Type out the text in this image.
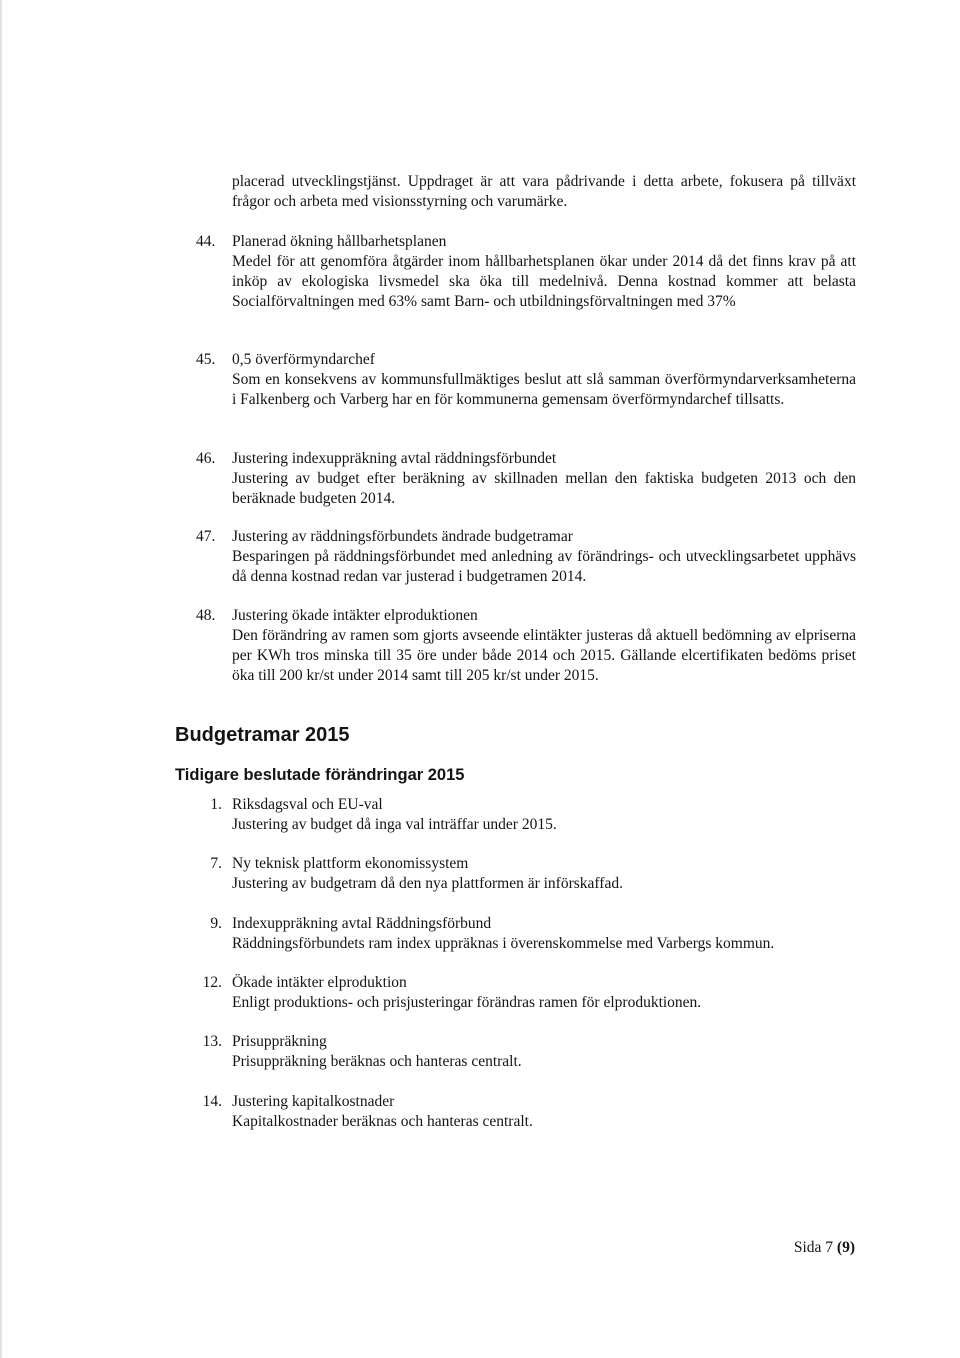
placerad utvecklingstjänst. Uppdraget är att vara pådrivande i detta arbete, fokusera på tillväxt frågor och arbeta med visionsstyrning och varumärke.

44.	Planerad ökning hållbarhetsplanen
Medel för att genomföra åtgärder inom hållbarhetsplanen ökar under 2014 då det finns krav på att inköp av ekologiska livsmedel ska öka till medelnivå. Denna kostnad kommer att belasta Socialförvaltningen med 63% samt Barn- och utbildningsförvaltningen med 37%
45.	0,5 överförmyndarchef
Som en konsekvens av kommunsfullmäktiges beslut att slå samman överförmyndarverksamheterna i Falkenberg och Varberg har en för kommunerna gemensam överförmyndarchef tillsatts.
46.	Justering indexuppräkning avtal räddningsförbundet
Justering av budget efter beräkning av skillnaden mellan den faktiska budgeten 2013 och den beräknade budgeten 2014.
47.	Justering av räddningsförbundets ändrade budgetramar
Besparingen på räddningsförbundet med anledning av förändrings- och utvecklingsarbetet upphävs då denna kostnad redan var justerad i budgetramen 2014.
48.	Justering ökade intäkter elproduktionen
Den förändring av ramen som gjorts avseende elintäkter justeras då aktuell bedömning av elpriserna per KWh tros minska till 35 öre under både 2014 och 2015. Gällande elcertifikaten bedöms priset öka till 200 kr/st under 2014 samt till 205 kr/st under 2015.
Budgetramar 2015
Tidigare beslutade förändringar 2015
1. Riksdagsval och EU-val
Justering av budget då inga val inträffar under 2015.
7. Ny teknisk plattform ekonomissystem
Justering av budgetram då den nya plattformen är införskaffad.
9. Indexuppräkning avtal Räddningsförbund
Räddningsförbundets ram index uppräknas i överenskommelse med Varbergs kommun.
12. Ökade intäkter elproduktion
Enligt produktions- och prisjusteringar förändras ramen för elproduktionen.
13. Prisuppräkning
Prisuppräkning beräknas och hanteras centralt.
14. Justering kapitalkostnader
Kapitalkostnader beräknas och hanteras centralt.
Sida 7 (9)
